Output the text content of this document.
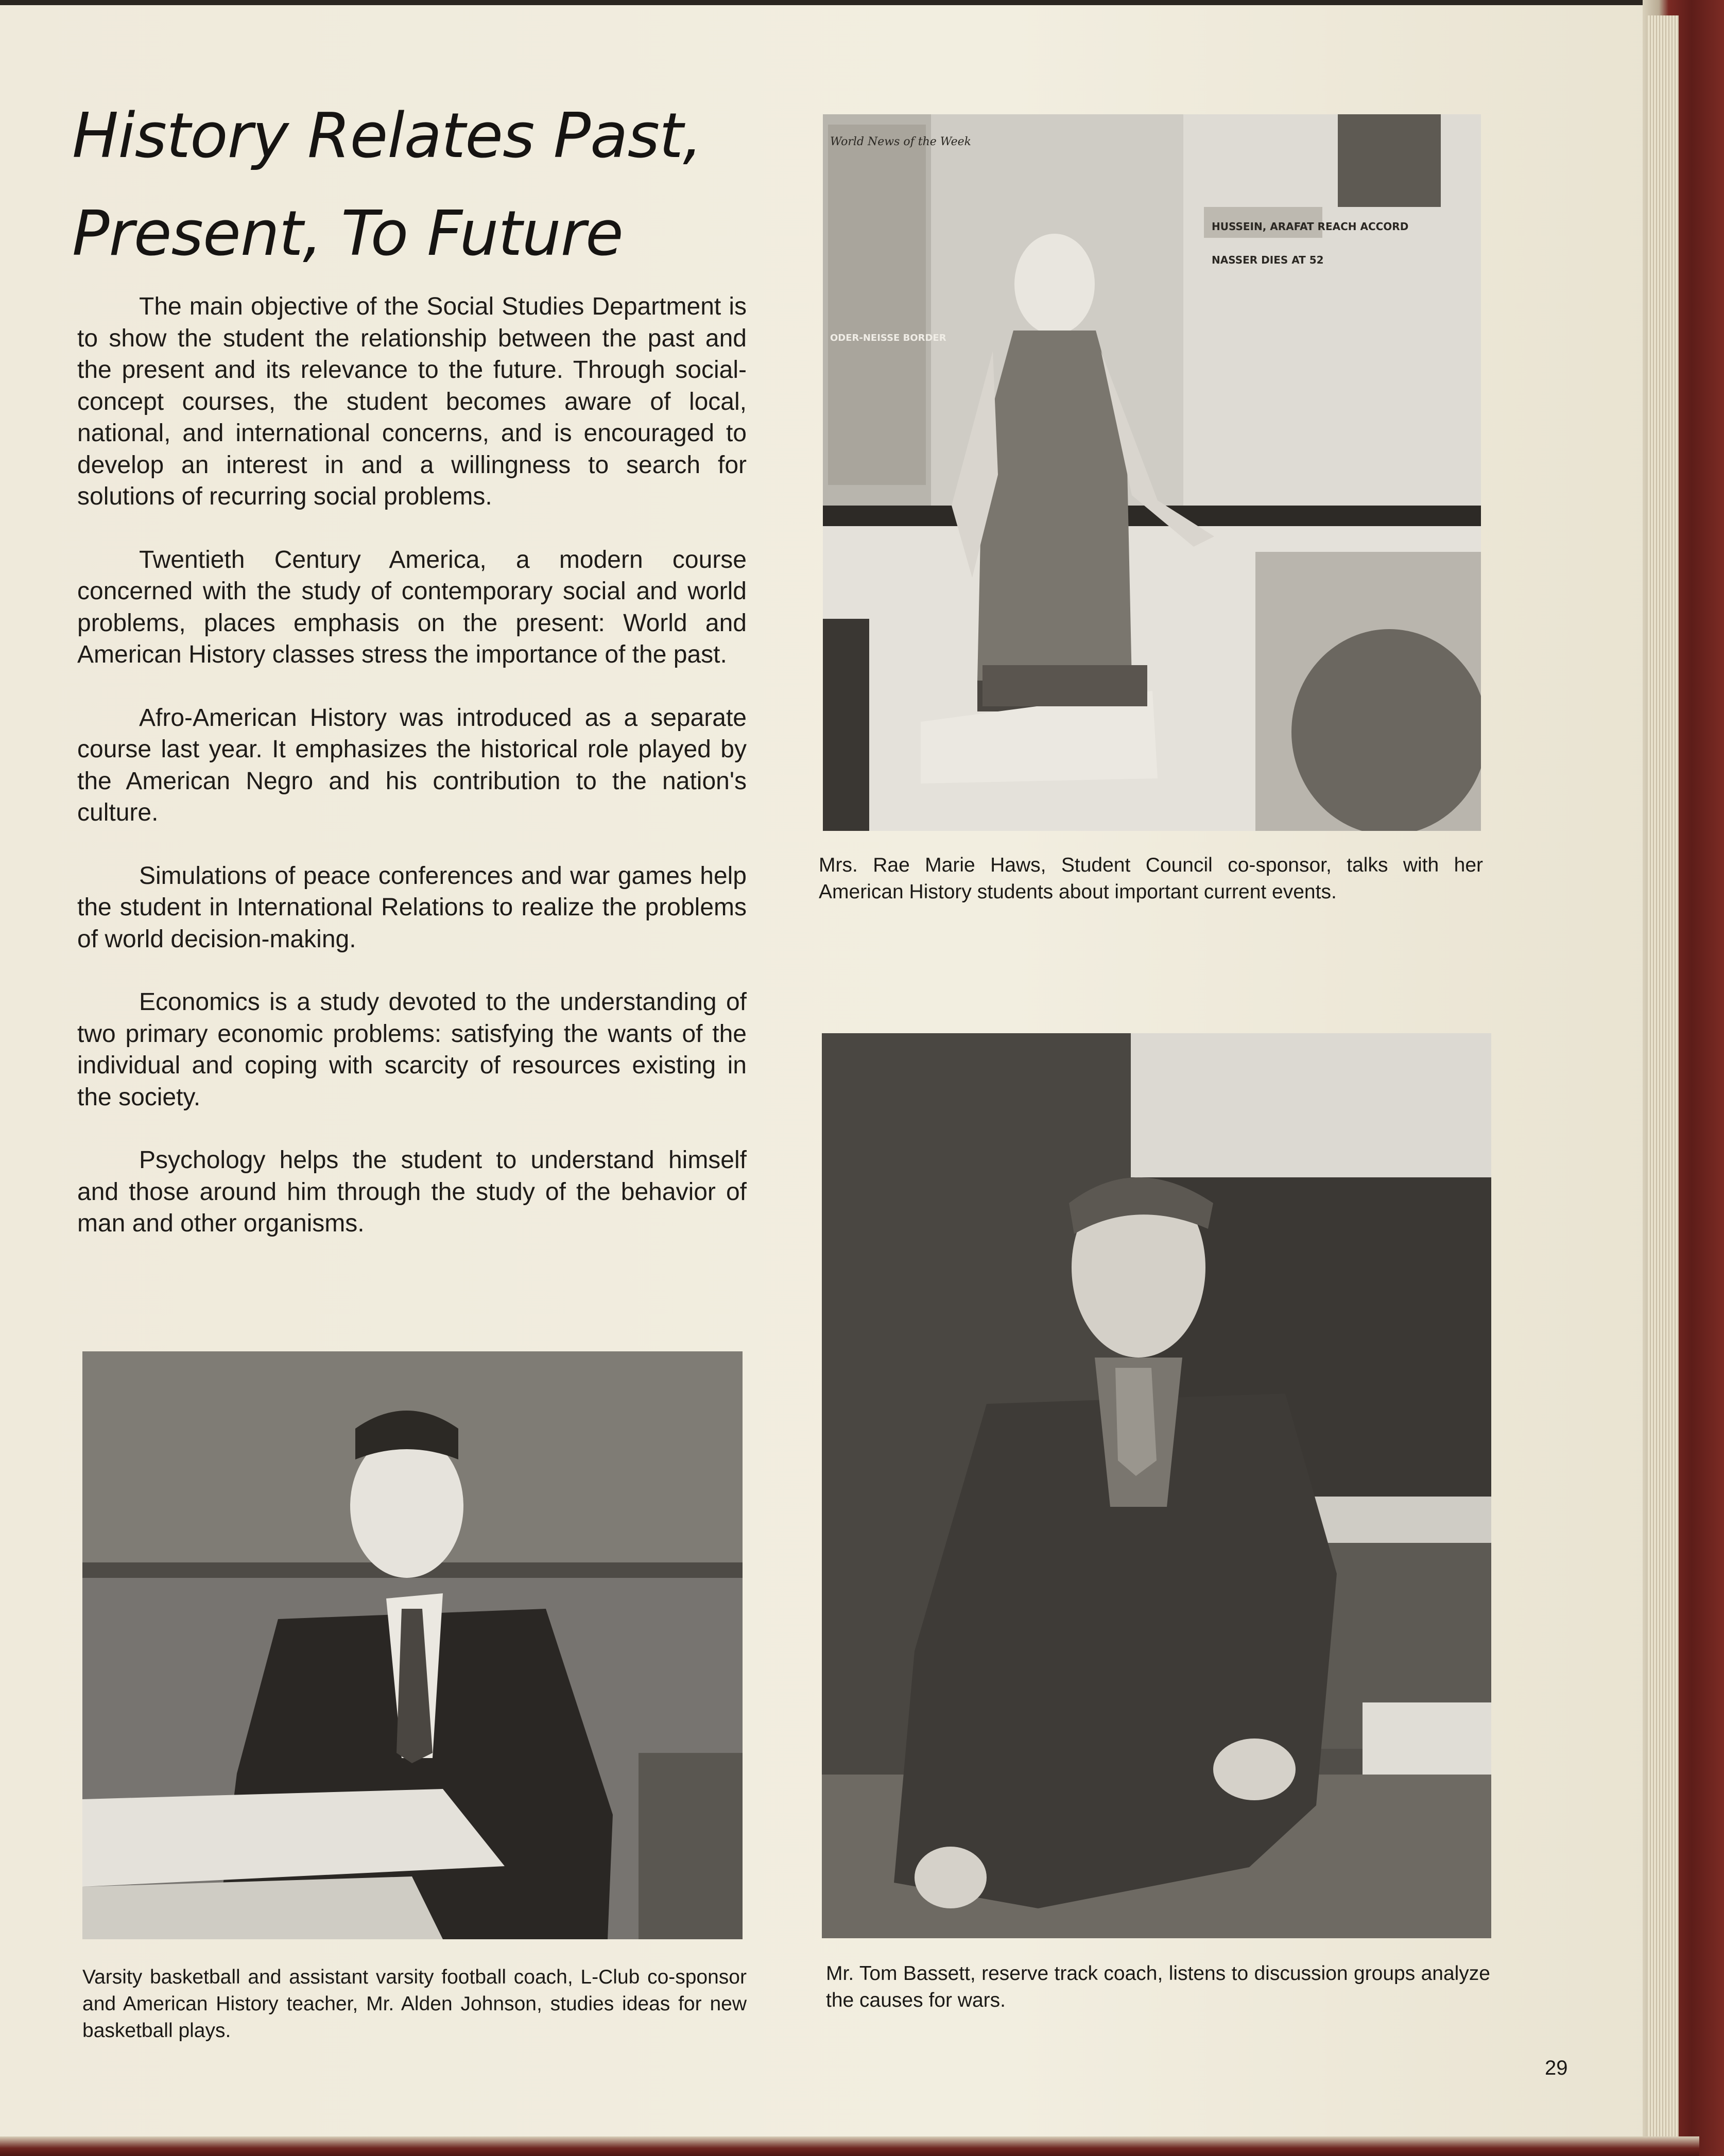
History Relates Past,
Present, To Future

The main objective of the Social Studies Department is to show the student the relationship between the past and the present and its relevance to the future. Through social-concept courses, the student becomes aware of local, national, and international concerns, and is encouraged to develop an interest in and a willingness to search for solutions of recurring social problems.

Twentieth Century America, a modern course concerned with the study of contemporary social and world problems, places emphasis on the present: World and American History classes stress the importance of the past.

Afro-American History was introduced as a separate course last year. It emphasizes the historical role played by the American Negro and his contribution to the nation's culture.

Simulations of peace conferences and war games help the student in International Relations to realize the problems of world decision-making.

Economics is a study devoted to the understanding of two primary economic problems: satisfying the wants of the individual and coping with scarcity of resources existing in the society.

Psychology helps the student to understand himself and those around him through the study of the behavior of man and other organisms.

World News of the Week
HUSSEIN, ARAFAT REACH ACCORD
NASSER DIES AT 52
ODER-NEISSE BORDER
Mrs. Rae Marie Haws, Student Council co-sponsor, talks with her American History students about important current events.
Varsity basketball and assistant varsity football coach, L-Club co-sponsor and American History teacher, Mr. Alden Johnson, studies ideas for new basketball plays.
Mr. Tom Bassett, reserve track coach, listens to discussion groups analyze the causes for wars.
29
